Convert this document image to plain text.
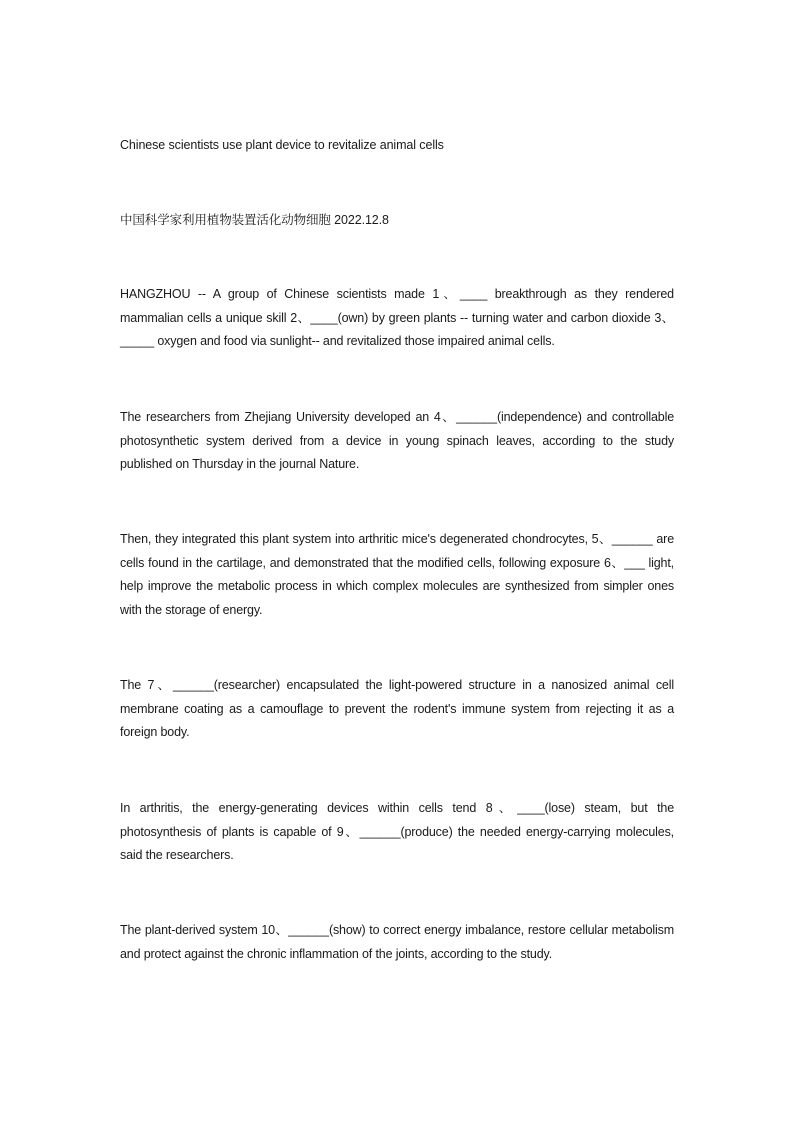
Chinese scientists use plant device to revitalize animal cells
中国科学家利用植物装置活化动物细胞 2022.12.8

HANGZHOU -- A group of Chinese scientists made 1、____ breakthrough as they rendered mammalian cells a unique skill 2、____(own) by green plants -- turning water and carbon dioxide 3、_____ oxygen and food via sunlight-- and revitalized those impaired animal cells.

The researchers from Zhejiang University developed an 4、______(independence) and controllable photosynthetic system derived from a device in young spinach leaves, according to the study published on Thursday in the journal Nature.

Then, they integrated this plant system into arthritic mice's degenerated chondrocytes, 5、______ are cells found in the cartilage, and demonstrated that the modified cells, following exposure 6、___ light, help improve the metabolic process in which complex molecules are synthesized from simpler ones with the storage of energy.

The 7、______(researcher) encapsulated the light-powered structure in a nanosized animal cell membrane coating as a camouflage to prevent the rodent's immune system from rejecting it as a foreign body.

In arthritis, the energy-generating devices within cells tend 8、____(lose) steam, but the photosynthesis of plants is capable of 9、______(produce) the needed energy-carrying molecules, said the researchers.

The plant-derived system 10、______(show) to correct energy imbalance, restore cellular metabolism and protect against the chronic inflammation of the joints, according to the study.
